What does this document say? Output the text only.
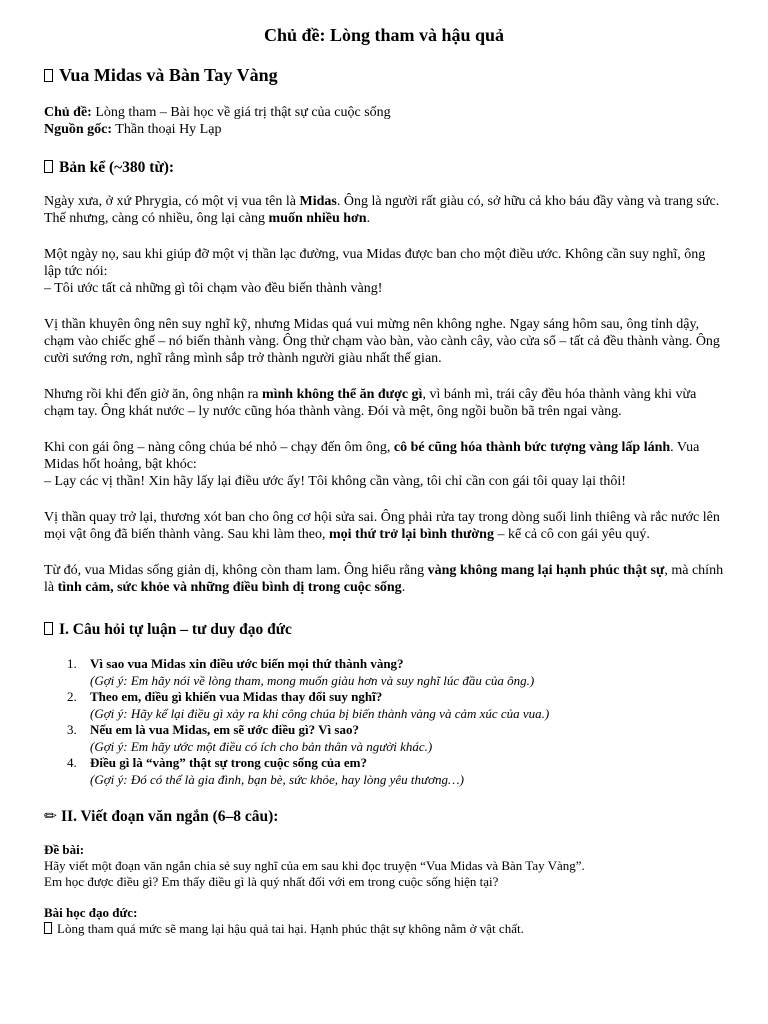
Chủ đề: Lòng tham và hậu quả
Vua Midas và Bàn Tay Vàng
Chủ đề: Lòng tham – Bài học về giá trị thật sự của cuộc sống
Nguồn gốc: Thần thoại Hy Lạp
Bản kể (~380 từ):

Ngày xưa, ở xứ Phrygia, có một vị vua tên là Midas. Ông là người rất giàu có, sở hữu cả kho báu đầy vàng và trang sức. Thế nhưng, càng có nhiều, ông lại càng muốn nhiều hơn.

Một ngày nọ, sau khi giúp đỡ một vị thần lạc đường, vua Midas được ban cho một điều ước. Không cần suy nghĩ, ông lập tức nói:
– Tôi ước tất cả những gì tôi chạm vào đều biến thành vàng!

Vị thần khuyên ông nên suy nghĩ kỹ, nhưng Midas quá vui mừng nên không nghe. Ngay sáng hôm sau, ông tỉnh dậy, chạm vào chiếc ghế – nó biến thành vàng. Ông thử chạm vào bàn, vào cành cây, vào cửa sổ – tất cả đều thành vàng. Ông cười sướng rơn, nghĩ rằng mình sắp trở thành người giàu nhất thế gian.

Nhưng rồi khi đến giờ ăn, ông nhận ra mình không thể ăn được gì, vì bánh mì, trái cây đều hóa thành vàng khi vừa chạm tay. Ông khát nước – ly nước cũng hóa thành vàng. Đói và mệt, ông ngồi buồn bã trên ngai vàng.

Khi con gái ông – nàng công chúa bé nhỏ – chạy đến ôm ông, cô bé cũng hóa thành bức tượng vàng lấp lánh. Vua Midas hốt hoảng, bật khóc:
– Lạy các vị thần! Xin hãy lấy lại điều ước ấy! Tôi không cần vàng, tôi chỉ cần con gái tôi quay lại thôi!

Vị thần quay trở lại, thương xót ban cho ông cơ hội sửa sai. Ông phải rửa tay trong dòng suối linh thiêng và rắc nước lên mọi vật ông đã biến thành vàng. Sau khi làm theo, mọi thứ trở lại bình thường – kể cả cô con gái yêu quý.

Từ đó, vua Midas sống giản dị, không còn tham lam. Ông hiểu rằng vàng không mang lại hạnh phúc thật sự, mà chính là tình cảm, sức khỏe và những điều bình dị trong cuộc sống.

I. Câu hỏi tự luận – tư duy đạo đức
1. Vì sao vua Midas xin điều ước biến mọi thứ thành vàng?
(Gợi ý: Em hãy nói về lòng tham, mong muốn giàu hơn và suy nghĩ lúc đầu của ông.)
2. Theo em, điều gì khiến vua Midas thay đổi suy nghĩ?
(Gợi ý: Hãy kể lại điều gì xảy ra khi công chúa bị biến thành vàng và cảm xúc của vua.)
3. Nếu em là vua Midas, em sẽ ước điều gì? Vì sao?
(Gợi ý: Em hãy ước một điều có ích cho bản thân và người khác.)
4. Điều gì là “vàng” thật sự trong cuộc sống của em?
(Gợi ý: Đó có thể là gia đình, bạn bè, sức khỏe, hay lòng yêu thương…)
✏ II. Viết đoạn văn ngắn (6–8 câu):
Đề bài:
Hãy viết một đoạn văn ngắn chia sẻ suy nghĩ của em sau khi đọc truyện “Vua Midas và Bàn Tay Vàng”.
Em học được điều gì? Em thấy điều gì là quý nhất đối với em trong cuộc sống hiện tại?
Bài học đạo đức:
Lòng tham quá mức sẽ mang lại hậu quả tai hại. Hạnh phúc thật sự không nằm ở vật chất.
